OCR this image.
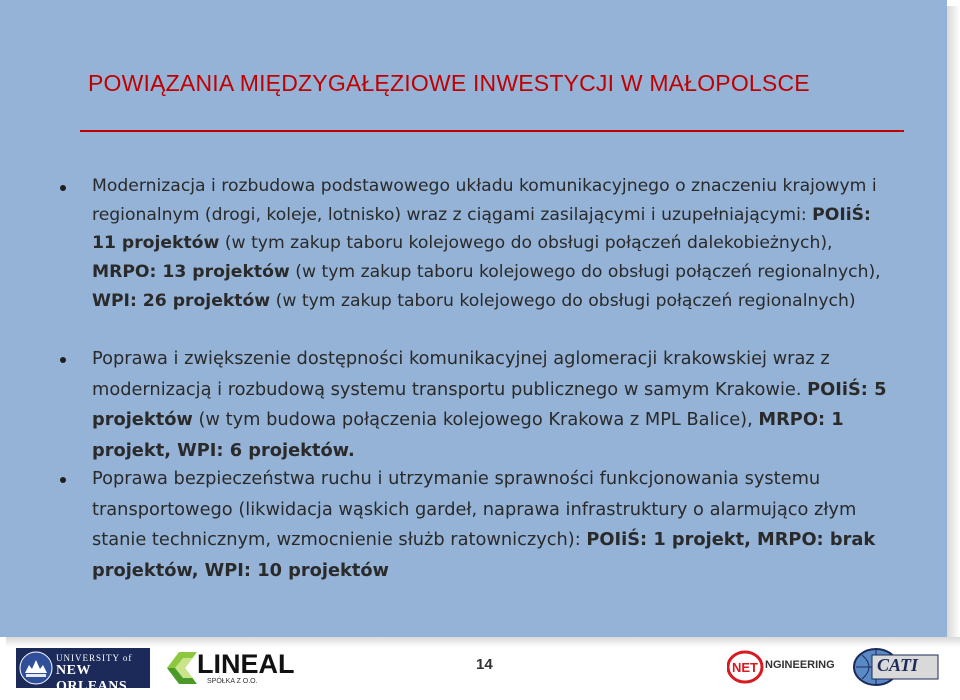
POWIĄZANIA MIĘDZYGAŁĘZIOWE INWESTYCJI W MAŁOPOLSCE
Modernizacja i rozbudowa podstawowego układu komunikacyjnego o znaczeniu krajowym i regionalnym (drogi, koleje, lotnisko) wraz z ciągami zasilającymi i uzupełniającymi: POIiŚ: 11 projektów (w tym zakup taboru kolejowego do obsługi połączeń dalekobieżnych), MRPO: 13 projektów (w tym zakup taboru kolejowego do obsługi połączeń regionalnych), WPI: 26 projektów (w tym zakup taboru kolejowego do obsługi połączeń regionalnych)
Poprawa i zwiększenie dostępności komunikacyjnej aglomeracji krakowskiej wraz z modernizacją i rozbudową systemu transportu publicznego w samym Krakowie. POIiŚ: 5 projektów (w tym budowa połączenia kolejowego Krakowa z MPL Balice), MRPO: 1 projekt, WPI: 6 projektów.
Poprawa bezpieczeństwa ruchu i utrzymanie sprawności funkcjonowania systemu transportowego (likwidacja wąskich gardeł, naprawa infrastruktury o alarmująco złym stanie technicznym, wzmocnienie służb ratowniczych): POIiŚ: 1 projekt, MRPO: brak projektów, WPI: 10 projektów
14
UNIVERSITY of
NEW ORLEANS
LINEAL
SPÓŁKA Z O.O.
NET NGINEERING CATI
